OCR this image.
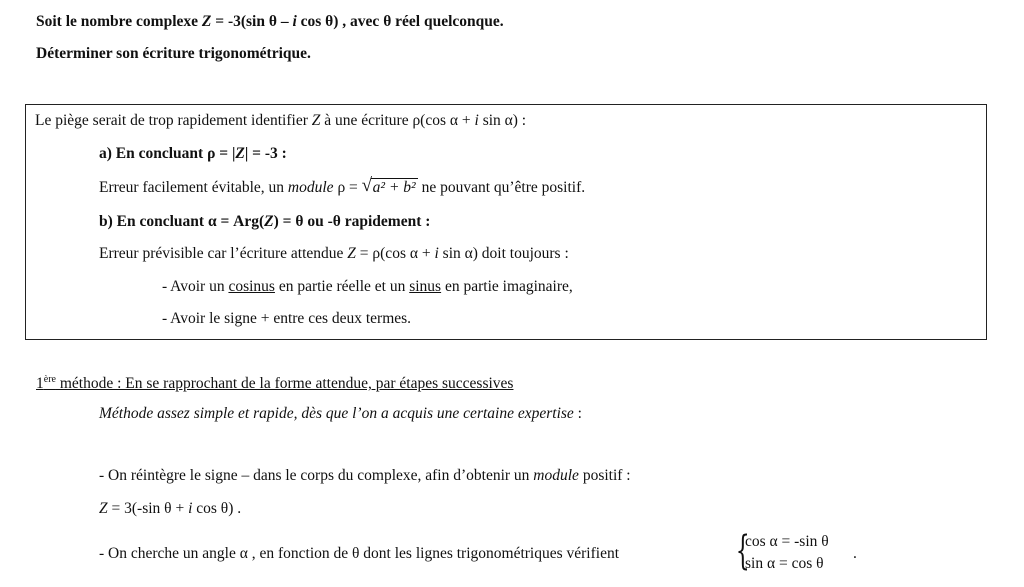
Soit le nombre complexe Z = -3(sin θ – i cos θ) , avec θ réel quelconque.
Déterminer son écriture trigonométrique.
Le piège serait de trop rapidement identifier Z à une écriture ρ(cos α + i sin α) :
a) En concluant ρ = |Z| = -3 :
Erreur facilement évitable, un module ρ = √ a² + b² ne pouvant qu’être positif.
b) En concluant α = Arg(Z) = θ ou -θ rapidement :
Erreur prévisible car l’écriture attendue Z = ρ(cos α + i sin α) doit toujours :
- Avoir un cosinus en partie réelle et un sinus en partie imaginaire,
- Avoir le signe + entre ces deux termes.
1ère méthode : En se rapprochant de la forme attendue, par étapes successives
Méthode assez simple et rapide, dès que l’on a acquis une certaine expertise :
- On réintègre le signe – dans le corps du complexe, afin d’obtenir un module positif :
Z = 3(-sin θ + i cos θ) .
- On cherche un angle α , en fonction de θ dont les lignes trigonométriques vérifient	{
cos α = -sin θ
sin α = cos θ
.
